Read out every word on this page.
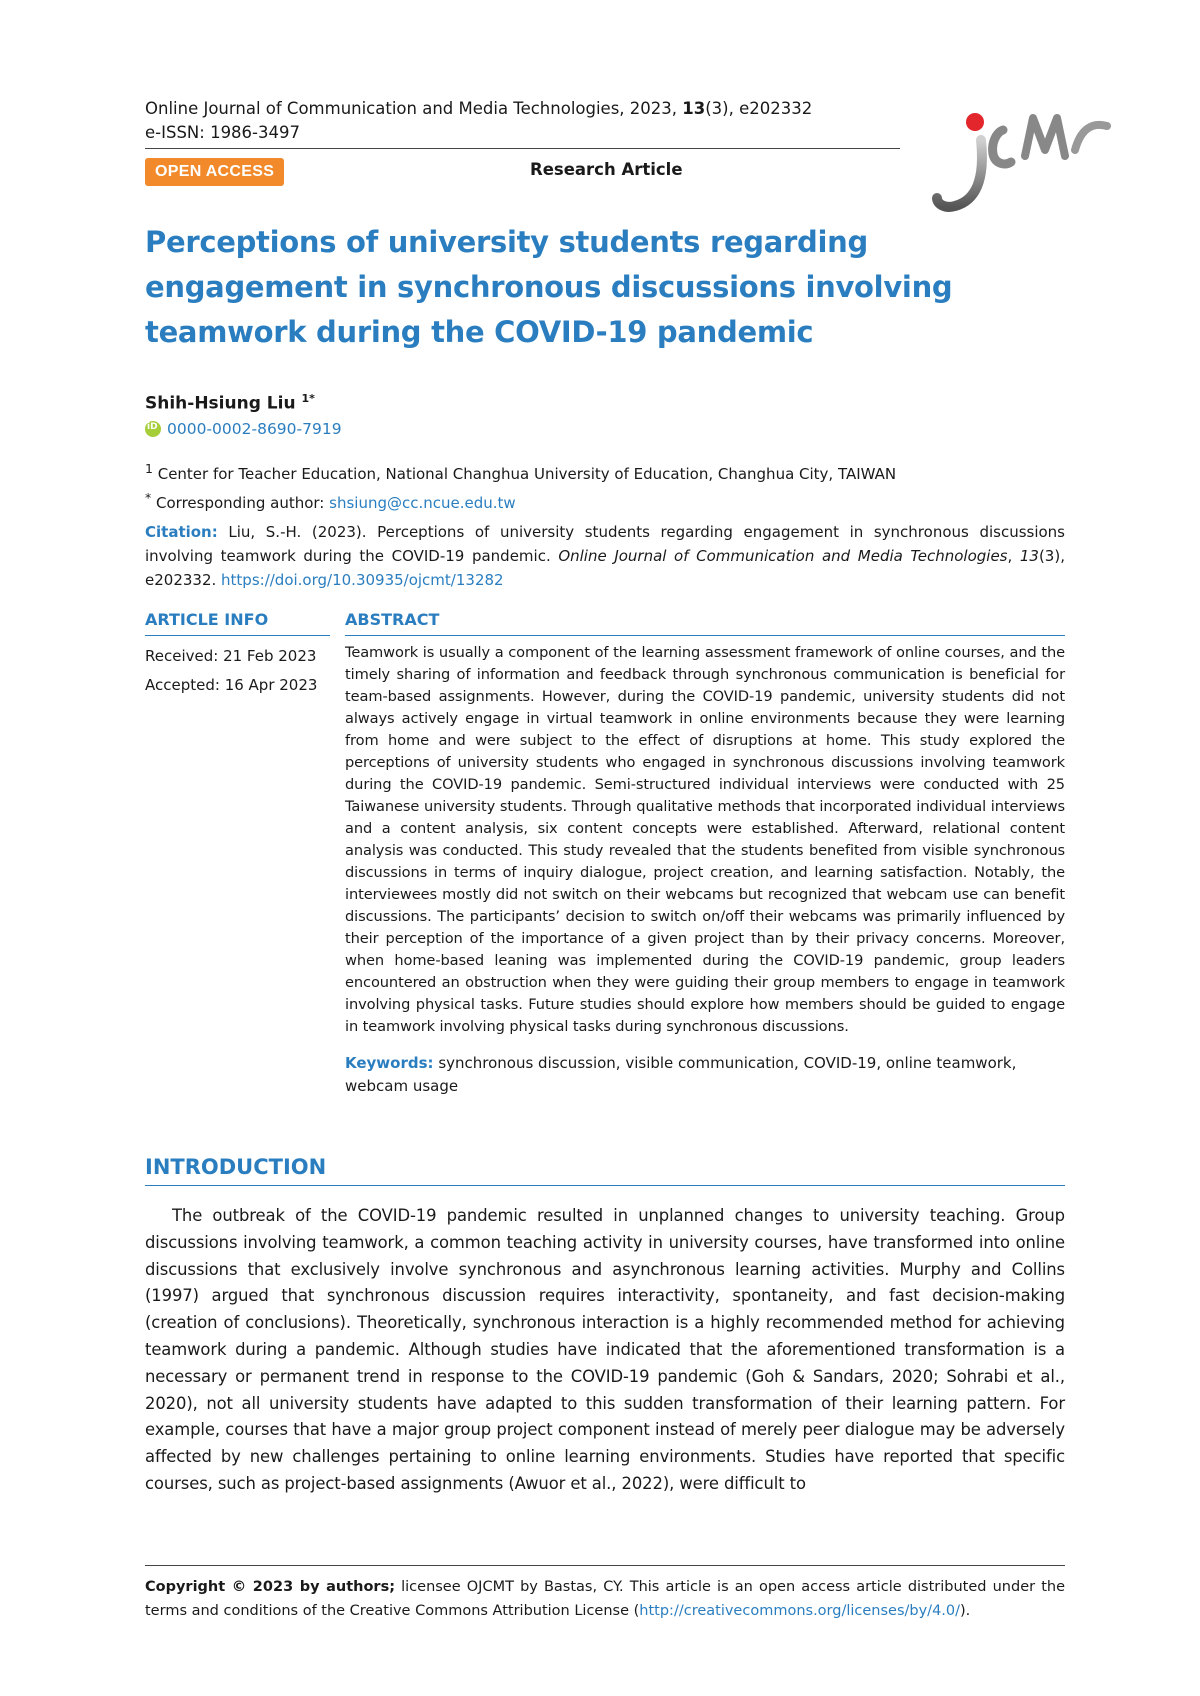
Online Journal of Communication and Media Technologies, 2023, 13(3), e202332
e-ISSN: 1986-3497
OPEN ACCESS	Research Article
ojcmt
Perceptions of university students regarding engagement in synchronous discussions involving teamwork during the COVID-19 pandemic
Shih-Hsiung Liu $^{1*}$
iD
0000-0002-8690-7919
$^1$ Center for Teacher Education, National Changhua University of Education, Changhua City, TAIWAN
* Corresponding author: shsiung@cc.ncue.edu.tw
Citation: Liu, S.-H. (2023). Perceptions of university students regarding engagement in synchronous discussions involving teamwork during the COVID-19 pandemic. Online Journal of Communication and Media Technologies, 13(3), e202332. https://doi.org/10.30935/ojcmt/13282
ARTICLE INFO
Received: 21 Feb 2023
Accepted: 16 Apr 2023
ABSTRACT
Teamwork is usually a component of the learning assessment framework of online courses, and the timely sharing of information and feedback through synchronous communication is beneficial for team-based assignments. However, during the COVID-19 pandemic, university students did not always actively engage in virtual teamwork in online environments because they were learning from home and were subject to the effect of disruptions at home. This study explored the perceptions of university students who engaged in synchronous discussions involving teamwork during the COVID-19 pandemic. Semi-structured individual interviews were conducted with 25 Taiwanese university students. Through qualitative methods that incorporated individual interviews and a content analysis, six content concepts were established. Afterward, relational content analysis was conducted. This study revealed that the students benefited from visible synchronous discussions in terms of inquiry dialogue, project creation, and learning satisfaction. Notably, the interviewees mostly did not switch on their webcams but recognized that webcam use can benefit discussions. The participants’ decision to switch on/off their webcams was primarily influenced by their perception of the importance of a given project than by their privacy concerns. Moreover, when home-based leaning was implemented during the COVID-19 pandemic, group leaders encountered an obstruction when they were guiding their group members to engage in teamwork involving physical tasks. Future studies should explore how members should be guided to engage in teamwork involving physical tasks during synchronous discussions.
Keywords: synchronous discussion, visible communication, COVID-19, online teamwork, webcam usage
INTRODUCTION
The outbreak of the COVID-19 pandemic resulted in unplanned changes to university teaching. Group discussions involving teamwork, a common teaching activity in university courses, have transformed into online discussions that exclusively involve synchronous and asynchronous learning activities. Murphy and Collins (1997) argued that synchronous discussion requires interactivity, spontaneity, and fast decision-making (creation of conclusions). Theoretically, synchronous interaction is a highly recommended method for achieving teamwork during a pandemic. Although studies have indicated that the aforementioned transformation is a necessary or permanent trend in response to the COVID-19 pandemic (Goh & Sandars, 2020; Sohrabi et al., 2020), not all university students have adapted to this sudden transformation of their learning pattern. For example, courses that have a major group project component instead of merely peer dialogue may be adversely affected by new challenges pertaining to online learning environments. Studies have reported that specific courses, such as project-based assignments (Awuor et al., 2022), were difficult to
Copyright © 2023 by authors; licensee OJCMT by Bastas, CY. This article is an open access article distributed under the terms and conditions of the Creative Commons Attribution License (http://creativecommons.org/licenses/by/4.0/).
